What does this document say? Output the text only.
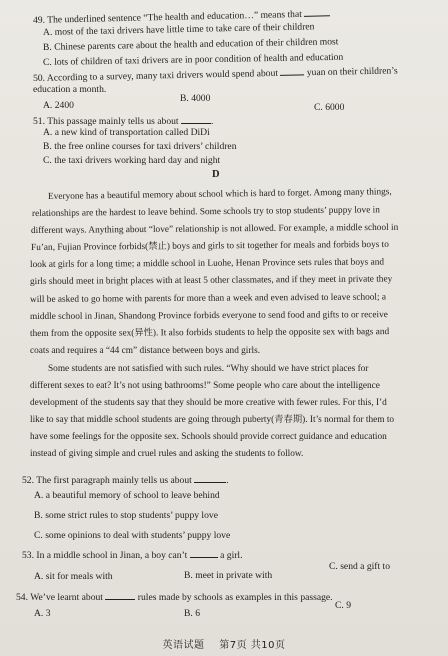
49. The underlined sentence “The health and education…” means that
A. most of the taxi drivers have little time to take care of their children
B. Chinese parents care about the health and education of their children most
C. lots of children of taxi drivers are in poor condition of health and education
50. According to a survey, many taxi drivers would spend about	yuan on their children’s
education a month.
A. 2400
B. 4000
C. 6000
51. This passage mainly tells us about	.
A. a new kind of transportation called DiDi
B. the free online courses for taxi drivers’ children
C. the taxi drivers working hard day and night
D
Everyone has a beautiful memory about school which is hard to forget. Among many things,
relationships are the hardest to leave behind. Some schools try to stop students’ puppy love in
different ways. Anything about “love” relationship is not allowed. For example, a middle school in
Fu’an, Fujian Province forbids(禁止) boys and girls to sit together for meals and forbids boys to
look at girls for a long time; a middle school in Luohe, Henan Province sets rules that boys and
girls should meet in bright places with at least 5 other classmates, and if they meet in private they
will be asked to go home with parents for more than a week and even advised to leave school; a
middle school in Jinan, Shandong Province forbids everyone to send food and gifts to or receive
them from the opposite sex(异性). It also forbids students to help the opposite sex with bags and
coats and requires a “44 cm” distance between boys and girls.
Some students are not satisfied with such rules. “Why should we have strict places for
different sexes to eat? It’s not using bathrooms!” Some people who care about the intelligence
development of the students say that they should be more creative with fewer rules. For this, I’d
like to say that middle school students are going through puberty(青春期). It’s normal for them to
have some feelings for the opposite sex. Schools should provide correct guidance and education
instead of giving simple and cruel rules and asking the students to follow.
52. The first paragraph mainly tells us about	.
A. a beautiful memory of school to leave behind
B. some strict rules to stop students’ puppy love
C. some opinions to deal with students’ puppy love
53. In a middle school in Jinan, a boy can’t	a girl.
A. sit for meals with	B. meet in private with
C. send a gift to
英语试题 第7页 共10页
54. We’ve learnt about	rules made by schools as examples in this passage.
A. 3	B. 6
C. 9
